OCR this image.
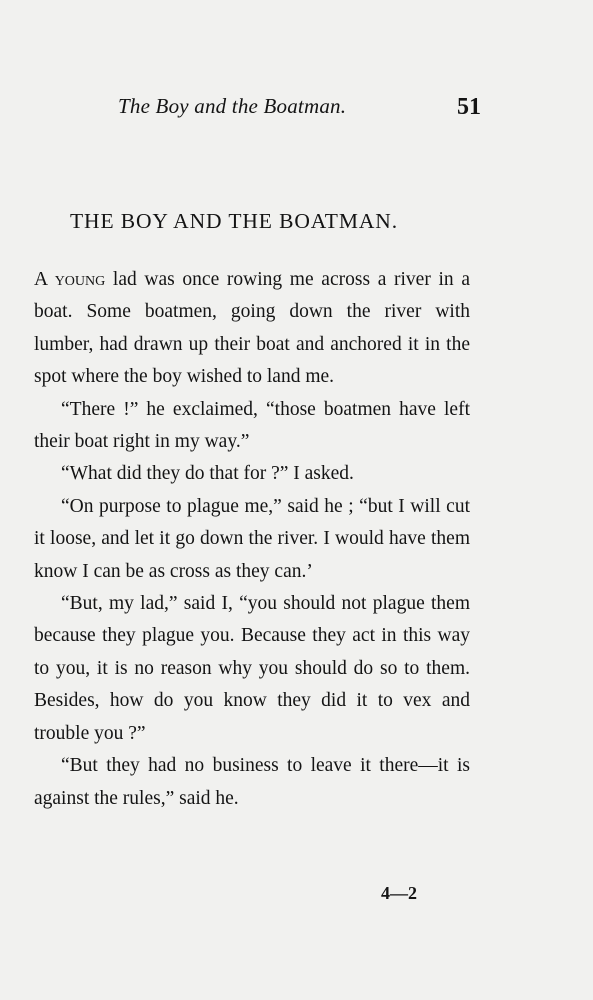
The Boy and the Boatman.	51
THE BOY AND THE BOATMAN.

A young lad was once rowing me across a river in a boat. Some boatmen, going down the river with lumber, had drawn up their boat and anchored it in the spot where the boy wished to land me.

“There !” he exclaimed, “those boatmen have left their boat right in my way.”

“What did they do that for ?” I asked.

“On purpose to plague me,” said he ; “but I will cut it loose, and let it go down the river. I would have them know I can be as cross as they can.’

“But, my lad,” said I, “you should not plague them because they plague you. Because they act in this way to you, it is no reason why you should do so to them. Besides, how do you know they did it to vex and trouble you ?”

“But they had no business to leave it there—it is against the rules,” said he.

4—2
